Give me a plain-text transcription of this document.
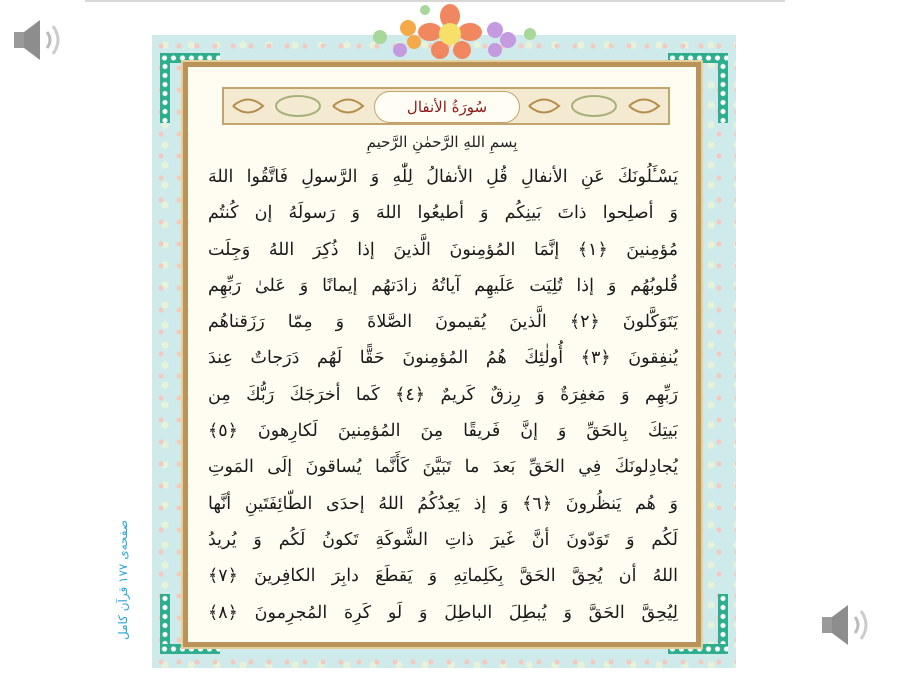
سُورَةُ الأنفال
بِسمِ اللهِ الرَّحمٰنِ الرَّحيمِ
يَسْـَٔلُونَكَ عَنِ الأنفالِ قُلِ الأنفالُ لِلّٰهِ وَ الرَّسولِ فَاتَّقُوا اللهَ
وَ أصلِحوا ذاتَ بَينِكُم وَ أطيعُوا اللهَ وَ رَسولَهُ إن كُنتُم
مُؤمِنينَ ﴿١﴾ إنَّمَا المُؤمِنونَ الَّذينَ إذا ذُكِرَ اللهُ وَجِلَت
قُلوبُهُم وَ إذا تُلِيَت عَلَيهِم آياتُهُ زادَتهُم إيمانًا وَ عَلىٰ رَبِّهِم
يَتَوَكَّلونَ ﴿٢﴾ الَّذينَ يُقيمونَ الصَّلاةَ وَ مِمّا رَزَقناهُم
يُنفِقونَ ﴿٣﴾ أُولٰئِكَ هُمُ المُؤمِنونَ حَقًّا لَهُم دَرَجاتٌ عِندَ
رَبِّهِم وَ مَغفِرَةٌ وَ رِزقٌ كَريمٌ ﴿٤﴾ كَما أخرَجَكَ رَبُّكَ مِن
بَيتِكَ بِالحَقِّ وَ إنَّ فَريقًا مِنَ المُؤمِنينَ لَكارِهونَ ﴿٥﴾
يُجادِلونَكَ فِي الحَقِّ بَعدَ ما تَبَيَّنَ كَأَنَّما يُساقونَ إلَى المَوتِ
وَ هُم يَنظُرونَ ﴿٦﴾ وَ إذ يَعِدُكُمُ اللهُ إحدَى الطّائِفَتَينِ أنَّها
لَكُم وَ تَوَدّونَ أنَّ غَيرَ ذاتِ الشَّوكَةِ تَكونُ لَكُم وَ يُريدُ
اللهُ أن يُحِقَّ الحَقَّ بِكَلِماتِهِ وَ يَقطَعَ دابِرَ الكافِرينَ ﴿٧﴾
لِيُحِقَّ الحَقَّ وَ يُبطِلَ الباطِلَ وَ لَو كَرِهَ المُجرِمونَ ﴿٨﴾
صفحه‌ی ۱۷۷ قرآن کامل
